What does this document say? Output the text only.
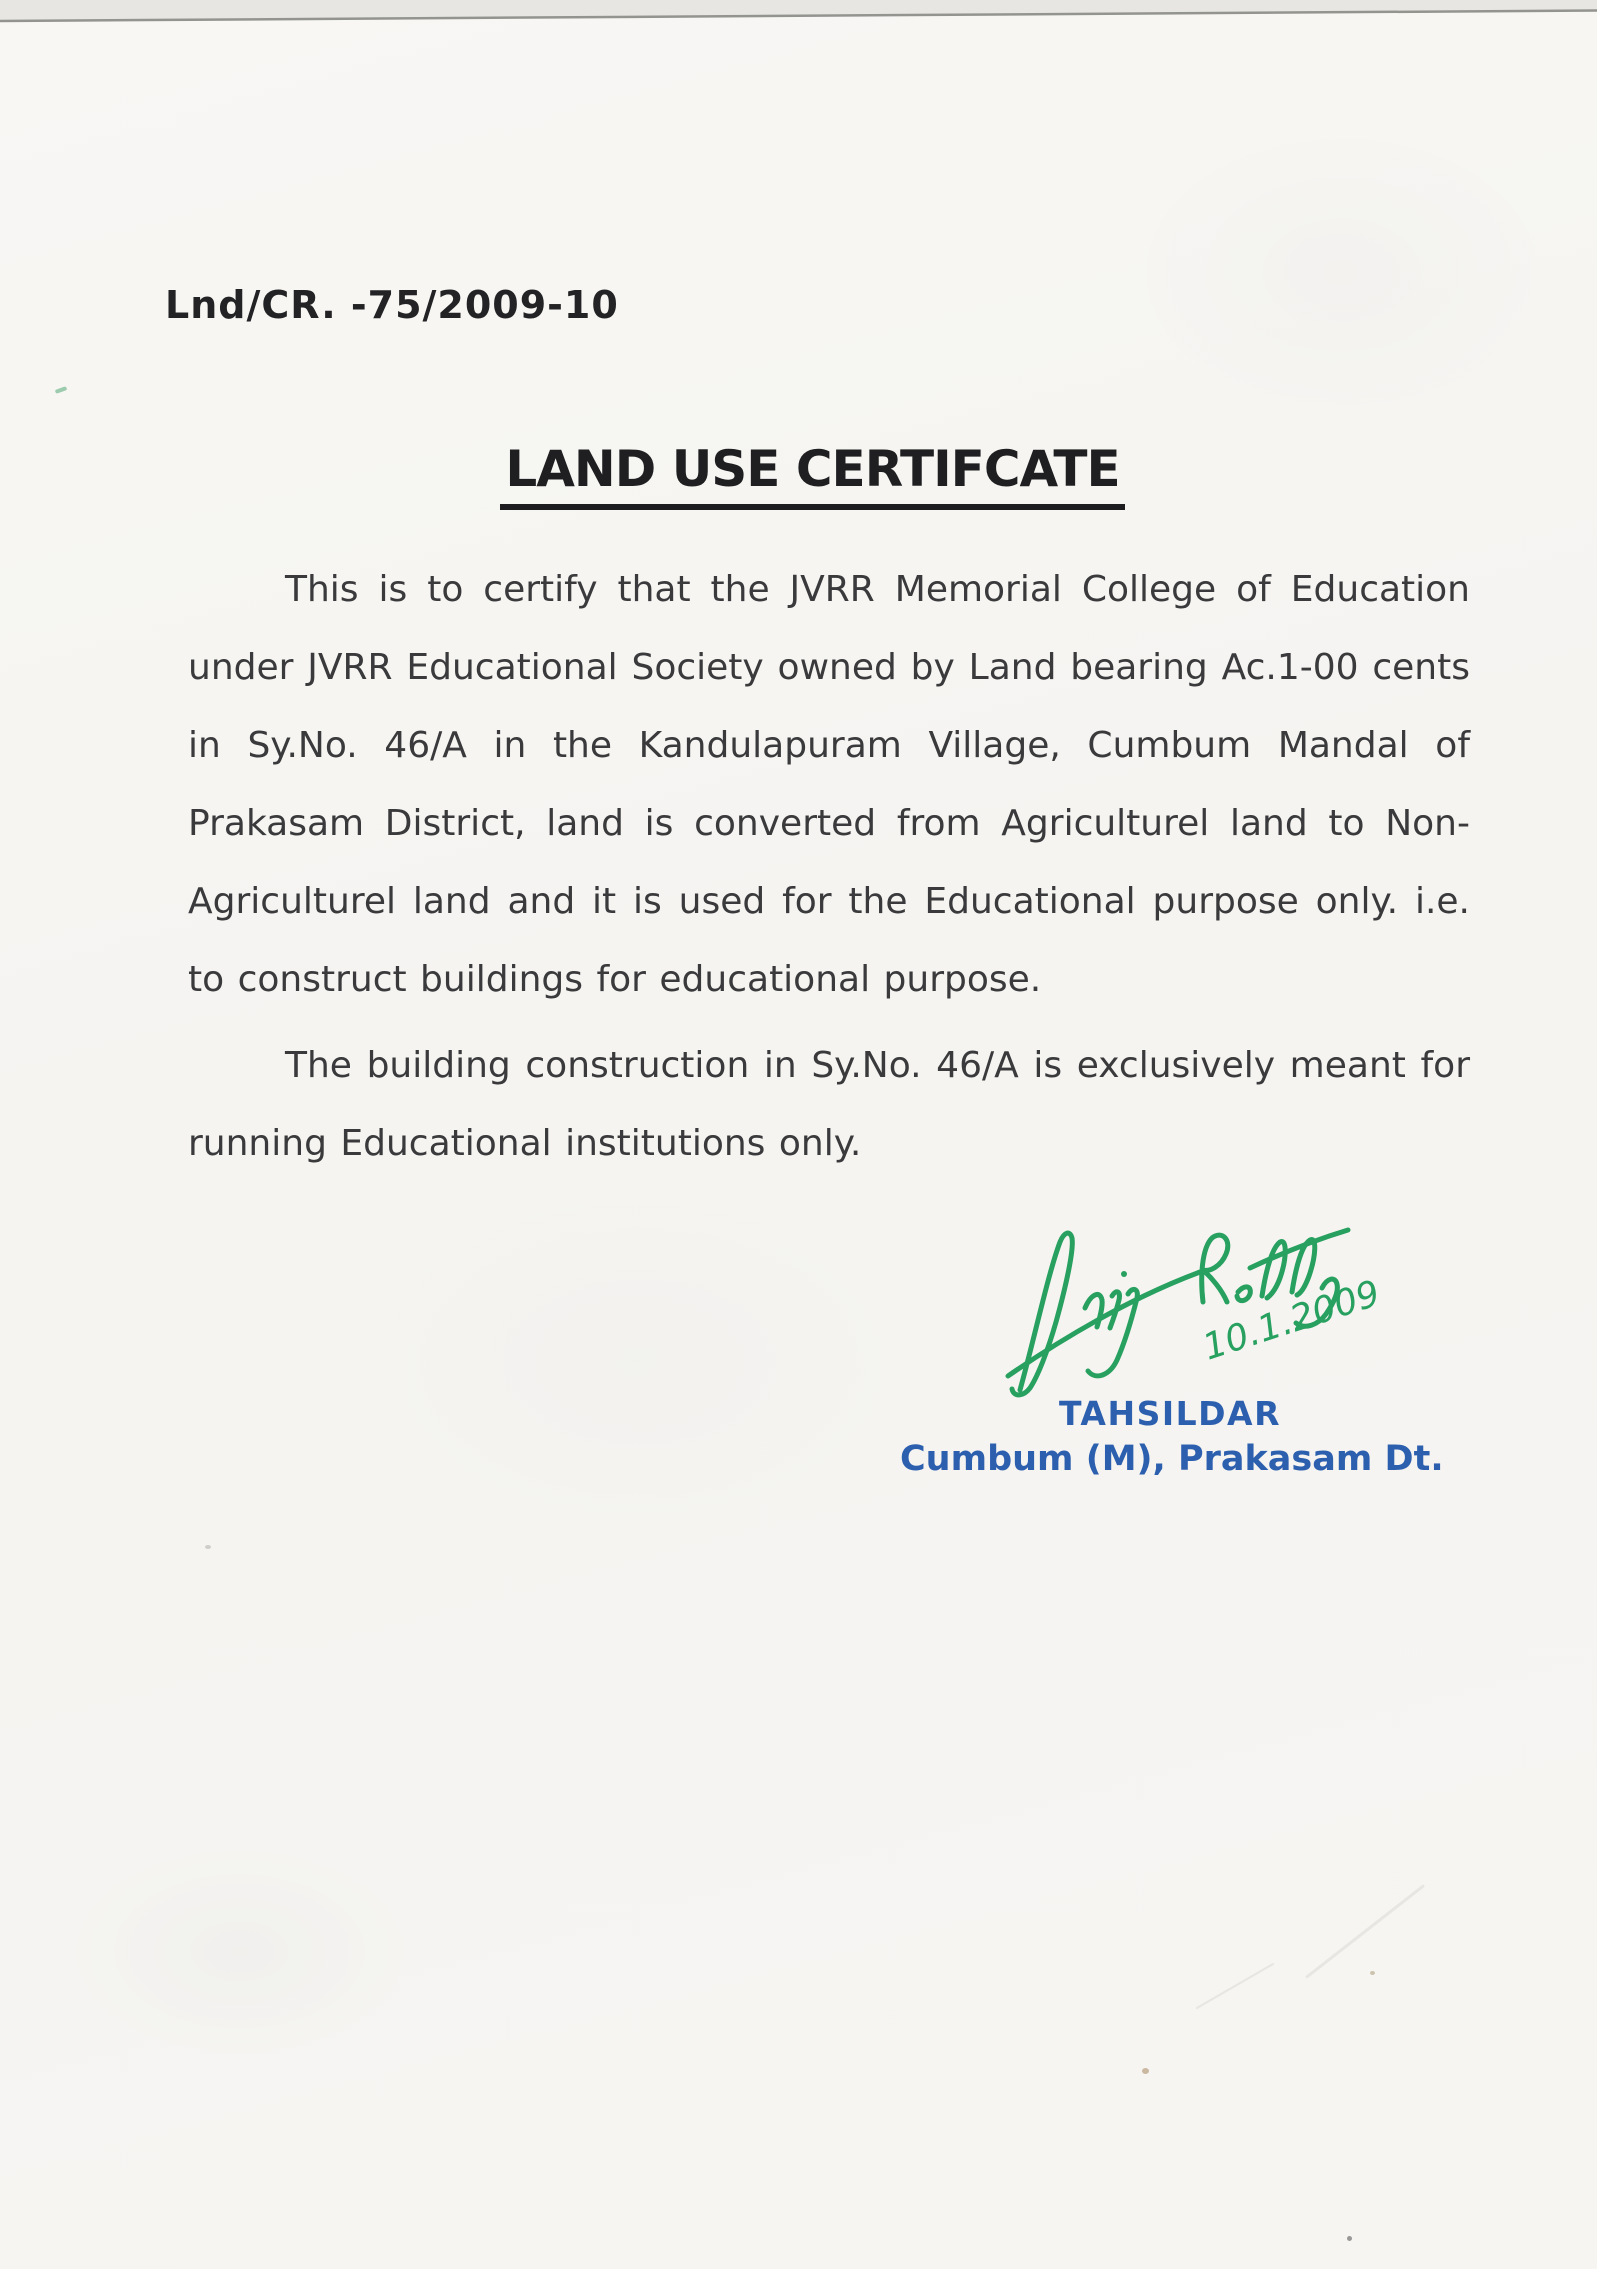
Lnd/CR. -75/2009-10
LAND USE CERTIFCATE

This is to certify that the JVRR Memorial College of Education under JVRR Educational Society owned by Land bearing Ac.1-00 cents in Sy.No. 46/A in the Kandulapuram Village, Cumbum Mandal of Prakasam District, land is converted from Agriculturel land to Non-Agriculturel land and it is used for the Educational purpose only. i.e. to construct buildings for educational purpose.

The building construction in Sy.No. 46/A is exclusively meant for running Educational institutions only.

10.1.2009
TAHSILDAR
Cumbum (M), Prakasam Dt.
